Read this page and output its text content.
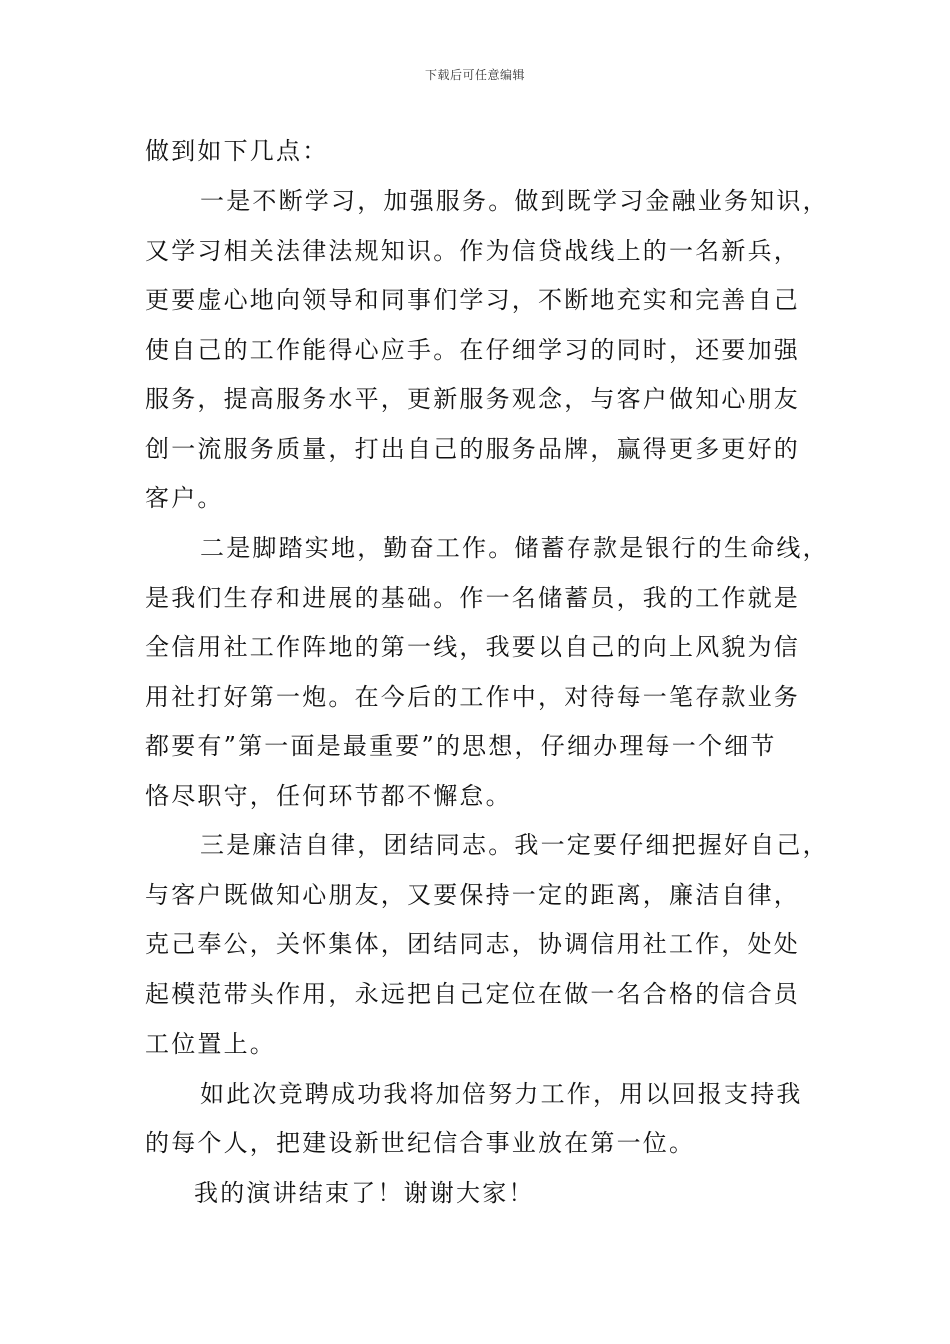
下载后可任意编辑
做到如下几点：
一是不断学习，加强服务。做到既学习金融业务知识，
又学习相关法律法规知识。作为信贷战线上的一名新兵，
更要虚心地向领导和同事们学习，不断地充实和完善自己
使自己的工作能得心应手。在仔细学习的同时，还要加强
服务，提高服务水平，更新服务观念，与客户做知心朋友
创一流服务质量，打出自己的服务品牌，赢得更多更好的
客户。
二是脚踏实地，勤奋工作。储蓄存款是银行的生命线，
是我们生存和进展的基础。作一名储蓄员，我的工作就是
全信用社工作阵地的第一线，我要以自己的向上风貌为信
用社打好第一炮。在今后的工作中，对待每一笔存款业务
都要有”第一面是最重要”的思想，仔细办理每一个细节
恪尽职守，任何环节都不懈怠。
三是廉洁自律，团结同志。我一定要仔细把握好自己，
与客户既做知心朋友，又要保持一定的距离，廉洁自律，
克己奉公，关怀集体，团结同志，协调信用社工作，处处
起模范带头作用，永远把自己定位在做一名合格的信合员
工位置上。
如此次竞聘成功我将加倍努力工作，用以回报支持我
的每个人，把建设新世纪信合事业放在第一位。
我的演讲结束了！谢谢大家！
